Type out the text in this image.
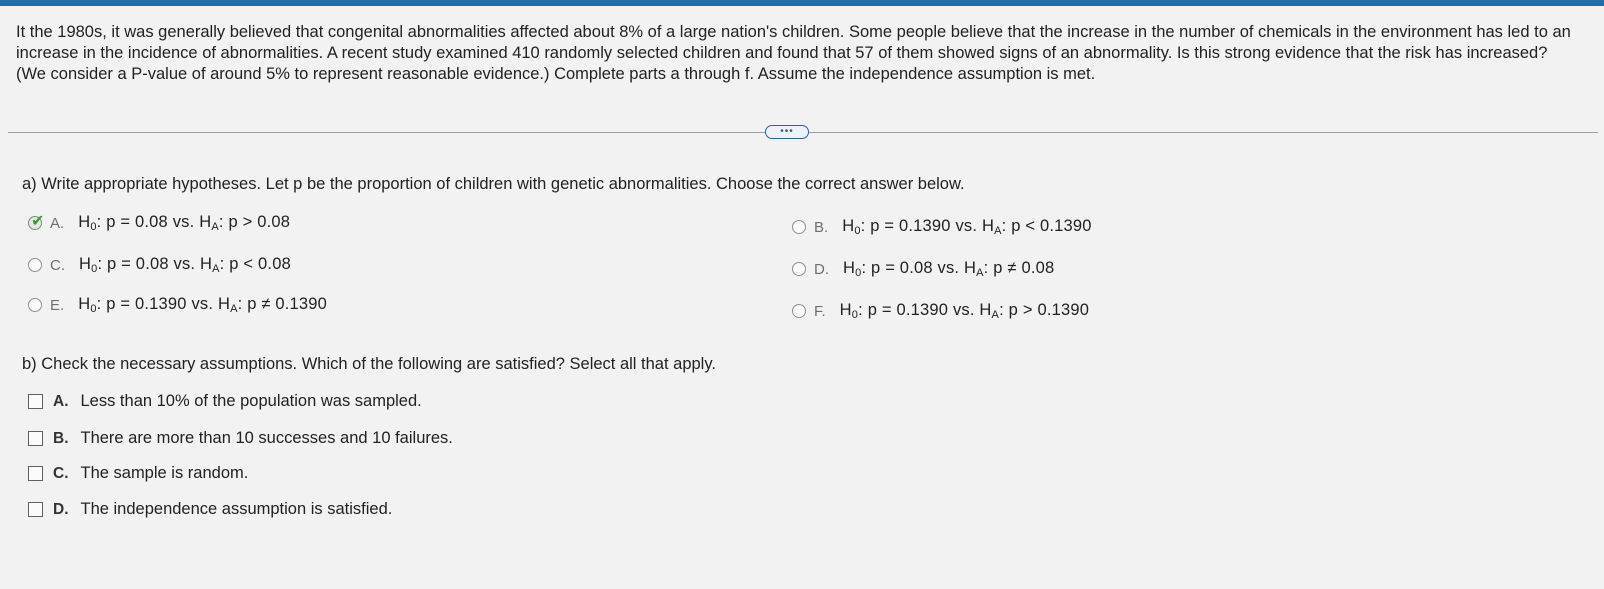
It the 1980s, it was generally believed that congenital abnormalities affected about 8% of a large nation's children. Some people believe that the increase in the number of chemicals in the environment has led to an increase in the incidence of abnormalities. A recent study examined 410 randomly selected children and found that 57 of them showed signs of an abnormality. Is this strong evidence that the risk has increased? (We consider a P-value of around 5% to represent reasonable evidence.) Complete parts a through f. Assume the independence assumption is met.
•••
a) Write appropriate hypotheses. Let p be the proportion of children with genetic abnormalities. Choose the correct answer below.
✔ A. $H_0$: p = 0.08 vs. $H_A$: p > 0.08	B. $H_0$: p = 0.1390 vs. $H_A$: p < 0.1390
C. $H_0$: p = 0.08 vs. $H_A$: p < 0.08	D. $H_0$: p = 0.08 vs. $H_A$: p ≠ 0.08
E. $H_0$: p = 0.1390 vs. $H_A$: p ≠ 0.1390	F. $H_0$: p = 0.1390 vs. $H_A$: p > 0.1390
b) Check the necessary assumptions. Which of the following are satisfied? Select all that apply.
A. Less than 10% of the population was sampled.
B. There are more than 10 successes and 10 failures.
C. The sample is random.
D. The independence assumption is satisfied.
